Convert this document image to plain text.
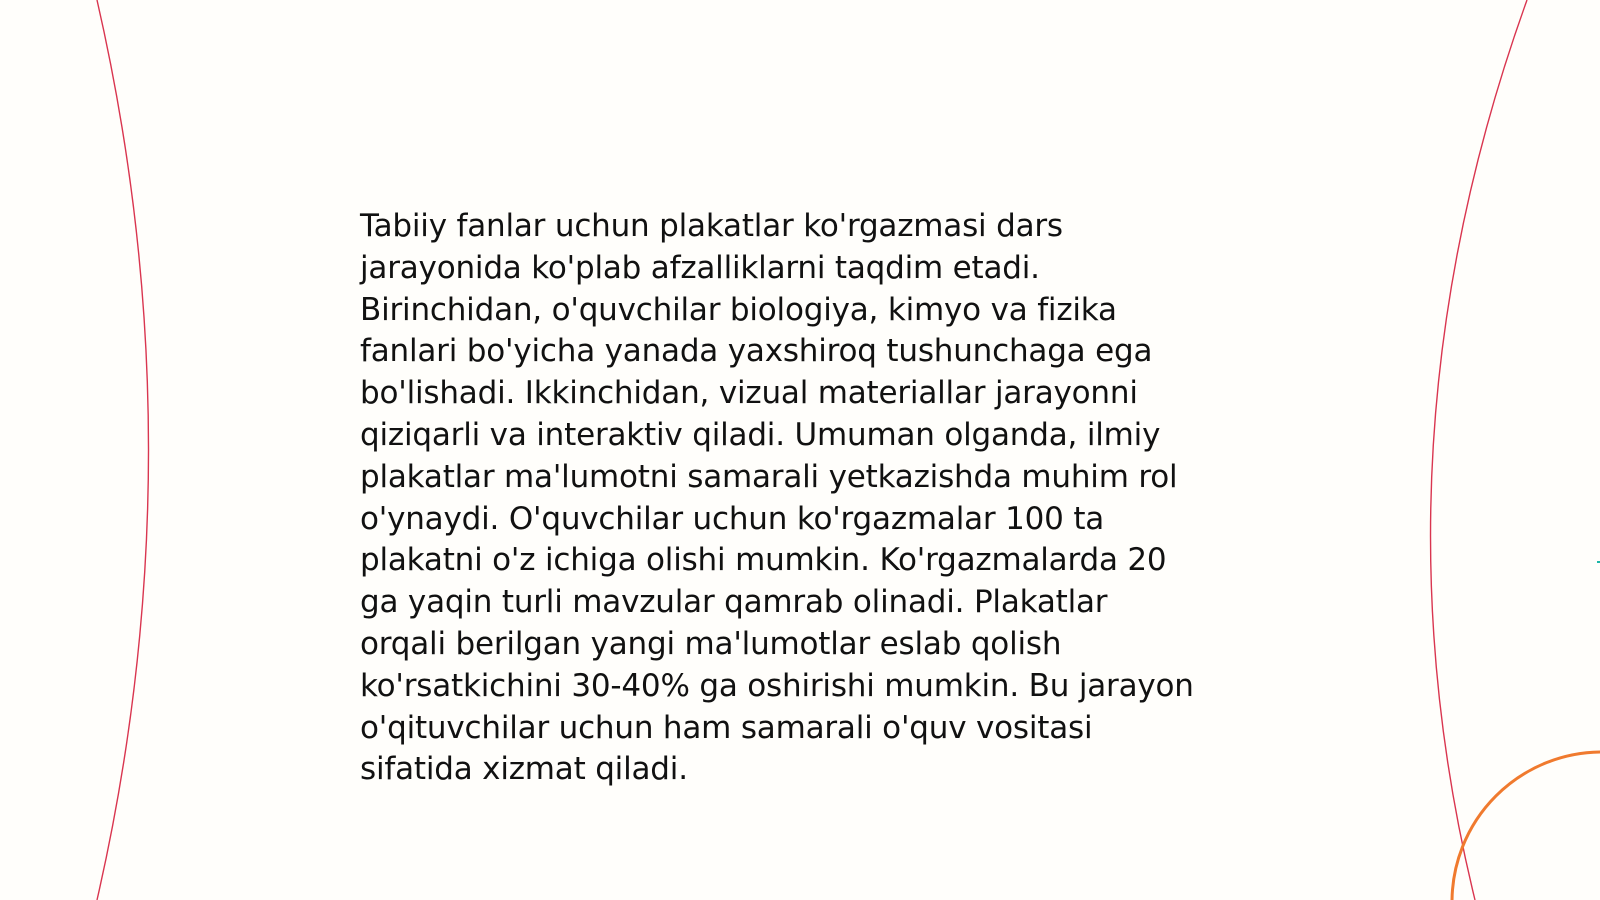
Tabiiy fanlar uchun plakatlar ko'rgazmasi dars
jarayonida ko'plab afzalliklarni taqdim etadi.
Birinchidan, o'quvchilar biologiya, kimyo va fizika
fanlari bo'yicha yanada yaxshiroq tushunchaga ega
bo'lishadi. Ikkinchidan, vizual materiallar jarayonni
qiziqarli va interaktiv qiladi. Umuman olganda, ilmiy
plakatlar ma'lumotni samarali yetkazishda muhim rol
o'ynaydi. O'quvchilar uchun ko'rgazmalar 100 ta
plakatni o'z ichiga olishi mumkin. Ko'rgazmalarda 20
ga yaqin turli mavzular qamrab olinadi. Plakatlar
orqali berilgan yangi ma'lumotlar eslab qolish
ko'rsatkichini 30-40% ga oshirishi mumkin. Bu jarayon
o'qituvchilar uchun ham samarali o'quv vositasi
sifatida xizmat qiladi.
